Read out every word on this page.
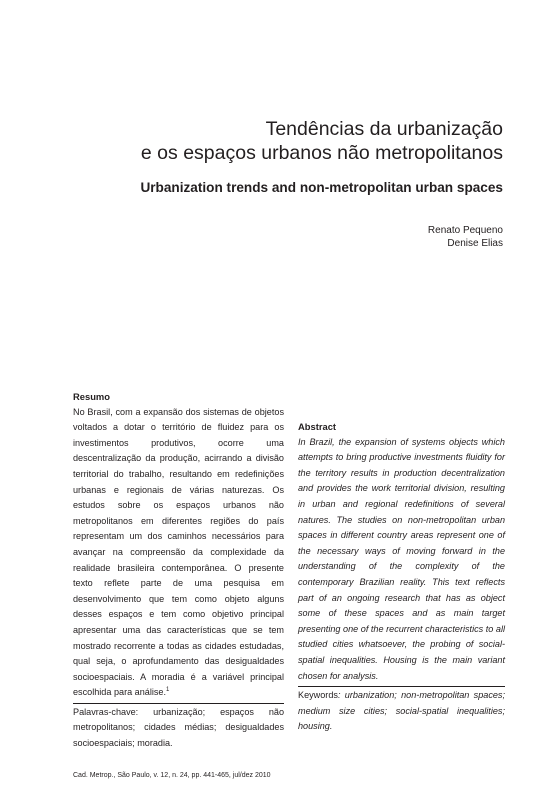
Tendências da urbanização
e os espaços urbanos não metropolitanos
Urbanization trends and non-metropolitan urban spaces
Renato Pequeno
Denise Elias
Resumo

No Brasil, com a expansão dos sistemas de objetos voltados a dotar o território de fluidez para os investimentos produtivos, ocorre uma descentralização da produção, acirrando a divisão territorial do trabalho, resultando em redefinições urbanas e regionais de várias naturezas. Os estudos sobre os espaços urbanos não metropolitanos em diferentes regiões do país representam um dos caminhos necessários para avançar na compreensão da complexidade da realidade brasileira contemporânea. O presente texto reflete parte de uma pesquisa em desenvolvimento que tem como objeto alguns desses espaços e tem como objetivo principal apresentar uma das características que se tem mostrado recorrente a todas as cidades estudadas, qual seja, o aprofundamento das desigualdades socioespaciais. A moradia é a variável principal escolhida para análise.$^1$

Palavras-chave: urbanização; espaços não metropolitanos; cidades médias; desigualdades socioespaciais; moradia.

Abstract

In Brazil, the expansion of systems objects which attempts to bring productive investments fluidity for the territory results in production decentralization and provides the work territorial division, resulting in urban and regional redefinitions of several natures. The studies on non-metropolitan urban spaces in different country areas represent one of the necessary ways of moving forward in the understanding of the complexity of the contemporary Brazilian reality. This text reflects part of an ongoing research that has as object some of these spaces and as main target presenting one of the recurrent characteristics to all studied cities whatsoever, the probing of social-spatial inequalities. Housing is the main variant chosen for analysis.

Keywords: urbanization; non-metropolitan spaces; medium size cities; social-spatial inequalities; housing.

Cad. Metrop., São Paulo, v. 12, n. 24, pp. 441-465, jul/dez 2010
